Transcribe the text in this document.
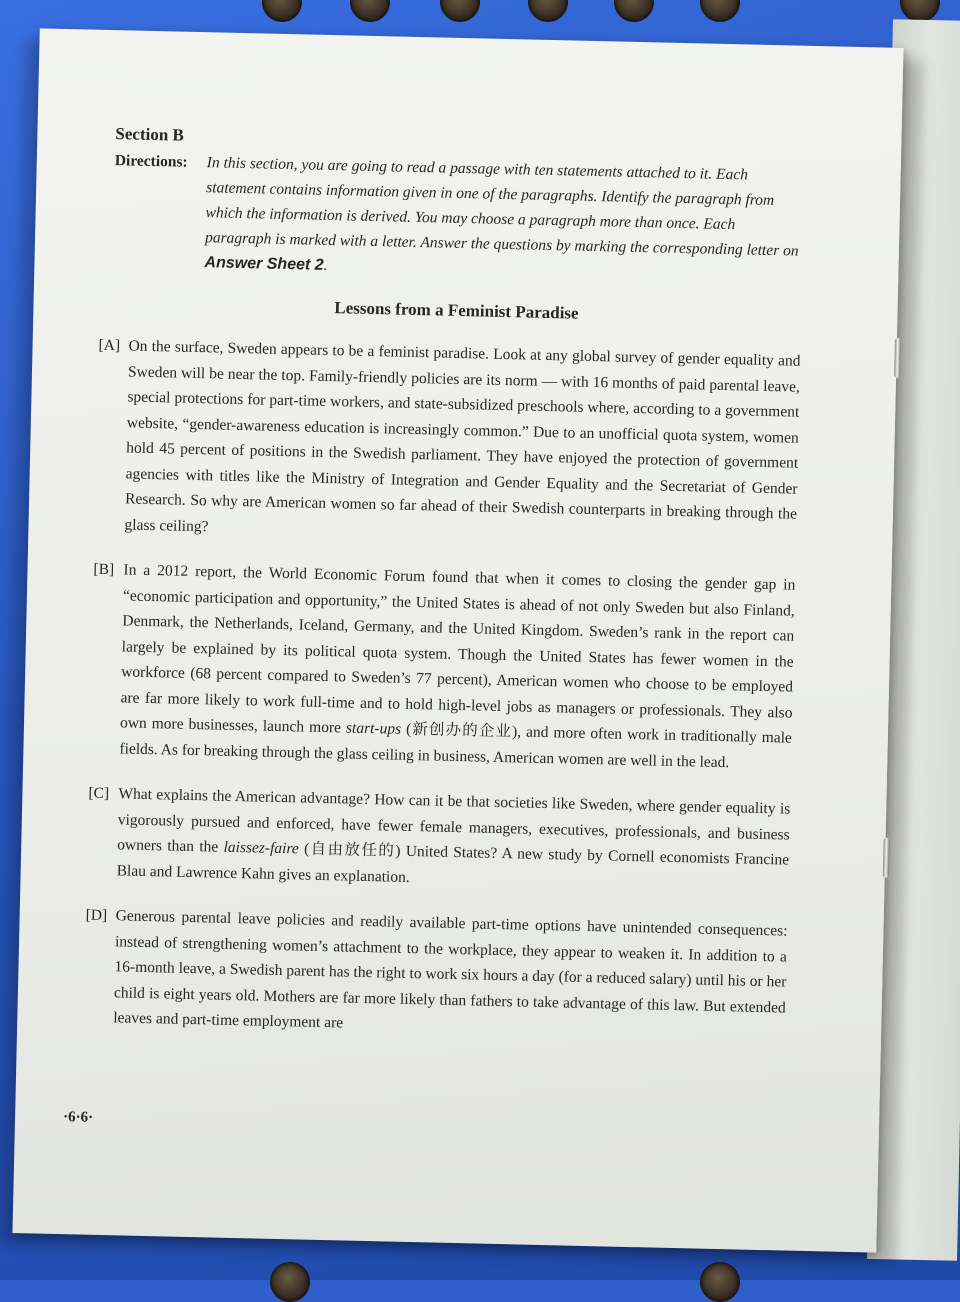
Section B
Directions:	In this section, you are going to read a passage with ten statements attached to it. Each statement contains information given in one of the paragraphs. Identify the paragraph from which the information is derived. You may choose a paragraph more than once. Each paragraph is marked with a letter. Answer the questions by marking the corresponding letter on Answer Sheet 2.
Lessons from a Feminist Paradise
[A] On the surface, Sweden appears to be a feminist paradise. Look at any global survey of gender equality and Sweden will be near the top. Family-friendly policies are its norm — with 16 months of paid parental leave, special protections for part-time workers, and state-subsidized preschools where, according to a government website, “gender-awareness education is increasingly common.” Due to an unofficial quota system, women hold 45 percent of positions in the Swedish parliament. They have enjoyed the protection of government agencies with titles like the Ministry of Integration and Gender Equality and the Secretariat of Gender Research. So why are American women so far ahead of their Swedish counterparts in breaking through the glass ceiling?
[B] In a 2012 report, the World Economic Forum found that when it comes to closing the gender gap in “economic participation and opportunity,” the United States is ahead of not only Sweden but also Finland, Denmark, the Netherlands, Iceland, Germany, and the United Kingdom. Sweden’s rank in the report can largely be explained by its political quota system. Though the United States has fewer women in the workforce (68 percent compared to Sweden’s 77 percent), American women who choose to be employed are far more likely to work full-time and to hold high-level jobs as managers or professionals. They also own more businesses, launch more start-ups (新创办的企业), and more often work in traditionally male fields. As for breaking through the glass ceiling in business, American women are well in the lead.
[C] What explains the American advantage? How can it be that societies like Sweden, where gender equality is vigorously pursued and enforced, have fewer female managers, executives, professionals, and business owners than the laissez-faire (自由放任的) United States? A new study by Cornell economists Francine Blau and Lawrence Kahn gives an explanation.
[D] Generous parental leave policies and readily available part-time options have unintended consequences: instead of strengthening women’s attachment to the workplace, they appear to weaken it. In addition to a 16-month leave, a Swedish parent has the right to work six hours a day (for a reduced salary) until his or her child is eight years old. Mothers are far more likely than fathers to take advantage of this law. But extended leaves and part-time employment are
·6·6·
